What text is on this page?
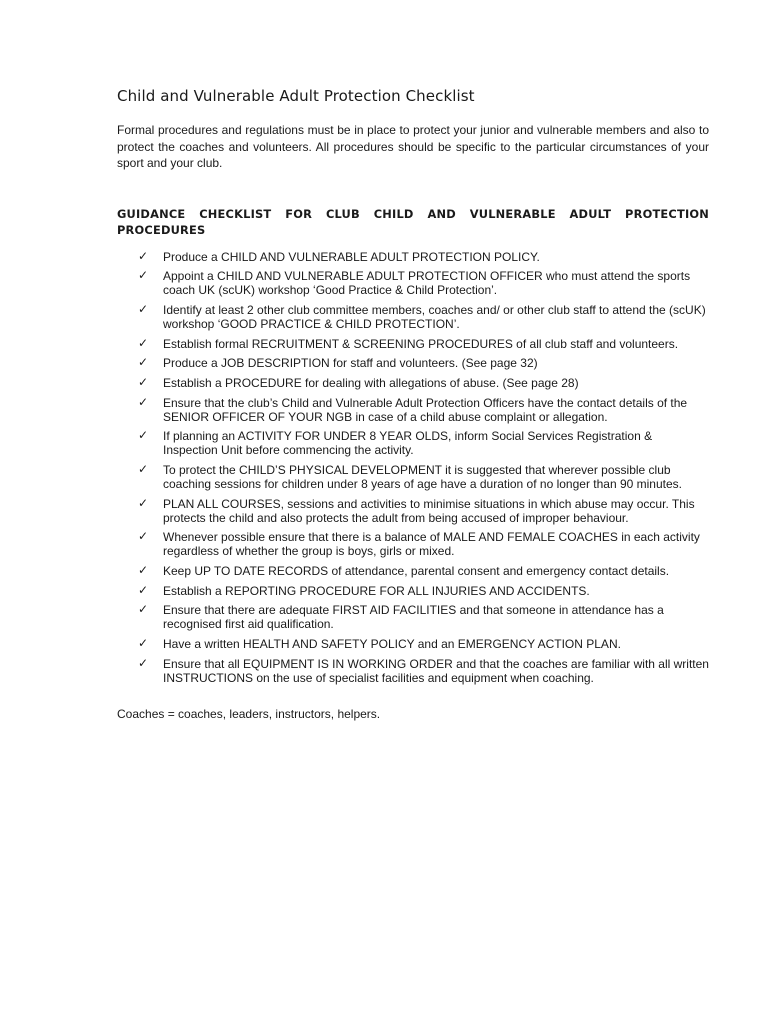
Child and Vulnerable Adult Protection Checklist

Formal procedures and regulations must be in place to protect your junior and vulnerable members and also to protect the coaches and volunteers. All procedures should be specific to the particular circumstances of your sport and your club.

GUIDANCE CHECKLIST FOR CLUB CHILD AND VULNERABLE ADULT PROTECTION PROCEDURES
✓ Produce a CHILD AND VULNERABLE ADULT PROTECTION POLICY.
✓ Appoint a CHILD AND VULNERABLE ADULT PROTECTION OFFICER who must attend the sports coach UK (scUK) workshop ‘Good Practice & Child Protection’.
✓ Identify at least 2 other club committee members, coaches and/ or other club staff to attend the (scUK) workshop ‘GOOD PRACTICE & CHILD PROTECTION’.
✓ Establish formal RECRUITMENT & SCREENING PROCEDURES of all club staff and volunteers.
✓ Produce a JOB DESCRIPTION for staff and volunteers. (See page 32)
✓ Establish a PROCEDURE for dealing with allegations of abuse. (See page 28)
✓ Ensure that the club’s Child and Vulnerable Adult Protection Officers have the contact details of the SENIOR OFFICER OF YOUR NGB in case of a child abuse complaint or allegation.
✓ If planning an ACTIVITY FOR UNDER 8 YEAR OLDS, inform Social Services Registration & Inspection Unit before commencing the activity.
✓ To protect the CHILD’S PHYSICAL DEVELOPMENT it is suggested that wherever possible club coaching sessions for children under 8 years of age have a duration of no longer than 90 minutes.
✓ PLAN ALL COURSES, sessions and activities to minimise situations in which abuse may occur. This protects the child and also protects the adult from being accused of improper behaviour.
✓ Whenever possible ensure that there is a balance of MALE AND FEMALE COACHES in each activity regardless of whether the group is boys, girls or mixed.
✓ Keep UP TO DATE RECORDS of attendance, parental consent and emergency contact details.
✓ Establish a REPORTING PROCEDURE FOR ALL INJURIES AND ACCIDENTS.
✓ Ensure that there are adequate FIRST AID FACILITIES and that someone in attendance has a recognised first aid qualification.
✓ Have a written HEALTH AND SAFETY POLICY and an EMERGENCY ACTION PLAN.
✓ Ensure that all EQUIPMENT IS IN WORKING ORDER and that the coaches are familiar with all written INSTRUCTIONS on the use of specialist facilities and equipment when coaching.

Coaches = coaches, leaders, instructors, helpers.
